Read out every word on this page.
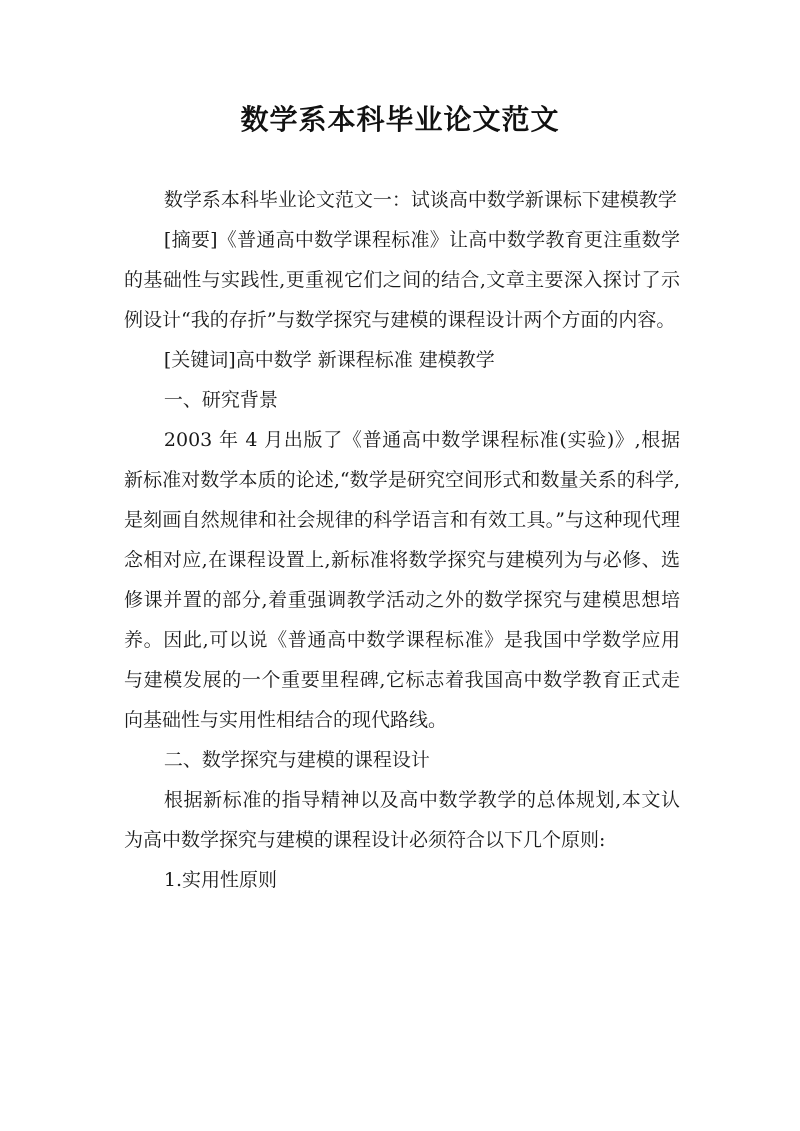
数学系本科毕业论文范文

数学系本科毕业论文范文一：试谈高中数学新课标下建模教学

[摘要]《普通高中数学课程标准》让高中数学教育更注重数学的基础性与实践性,更重视它们之间的结合,文章主要深入探讨了示例设计“我的存折”与数学探究与建模的课程设计两个方面的内容。

[关键词]高中数学 新课程标准 建模教学

一、研究背景

2003 年 4 月出版了《普通高中数学课程标准(实验)》,根据新标准对数学本质的论述,“数学是研究空间形式和数量关系的科学,是刻画自然规律和社会规律的科学语言和有效工具。”与这种现代理念相对应,在课程设置上,新标准将数学探究与建模列为与必修、选修课并置的部分,着重强调教学活动之外的数学探究与建模思想培养。因此,可以说《普通高中数学课程标准》是我国中学数学应用与建模发展的一个重要里程碑,它标志着我国高中数学教育正式走向基础性与实用性相结合的现代路线。

二、数学探究与建模的课程设计

根据新标准的指导精神以及高中数学教学的总体规划,本文认为高中数学探究与建模的课程设计必须符合以下几个原则:

1.实用性原则
